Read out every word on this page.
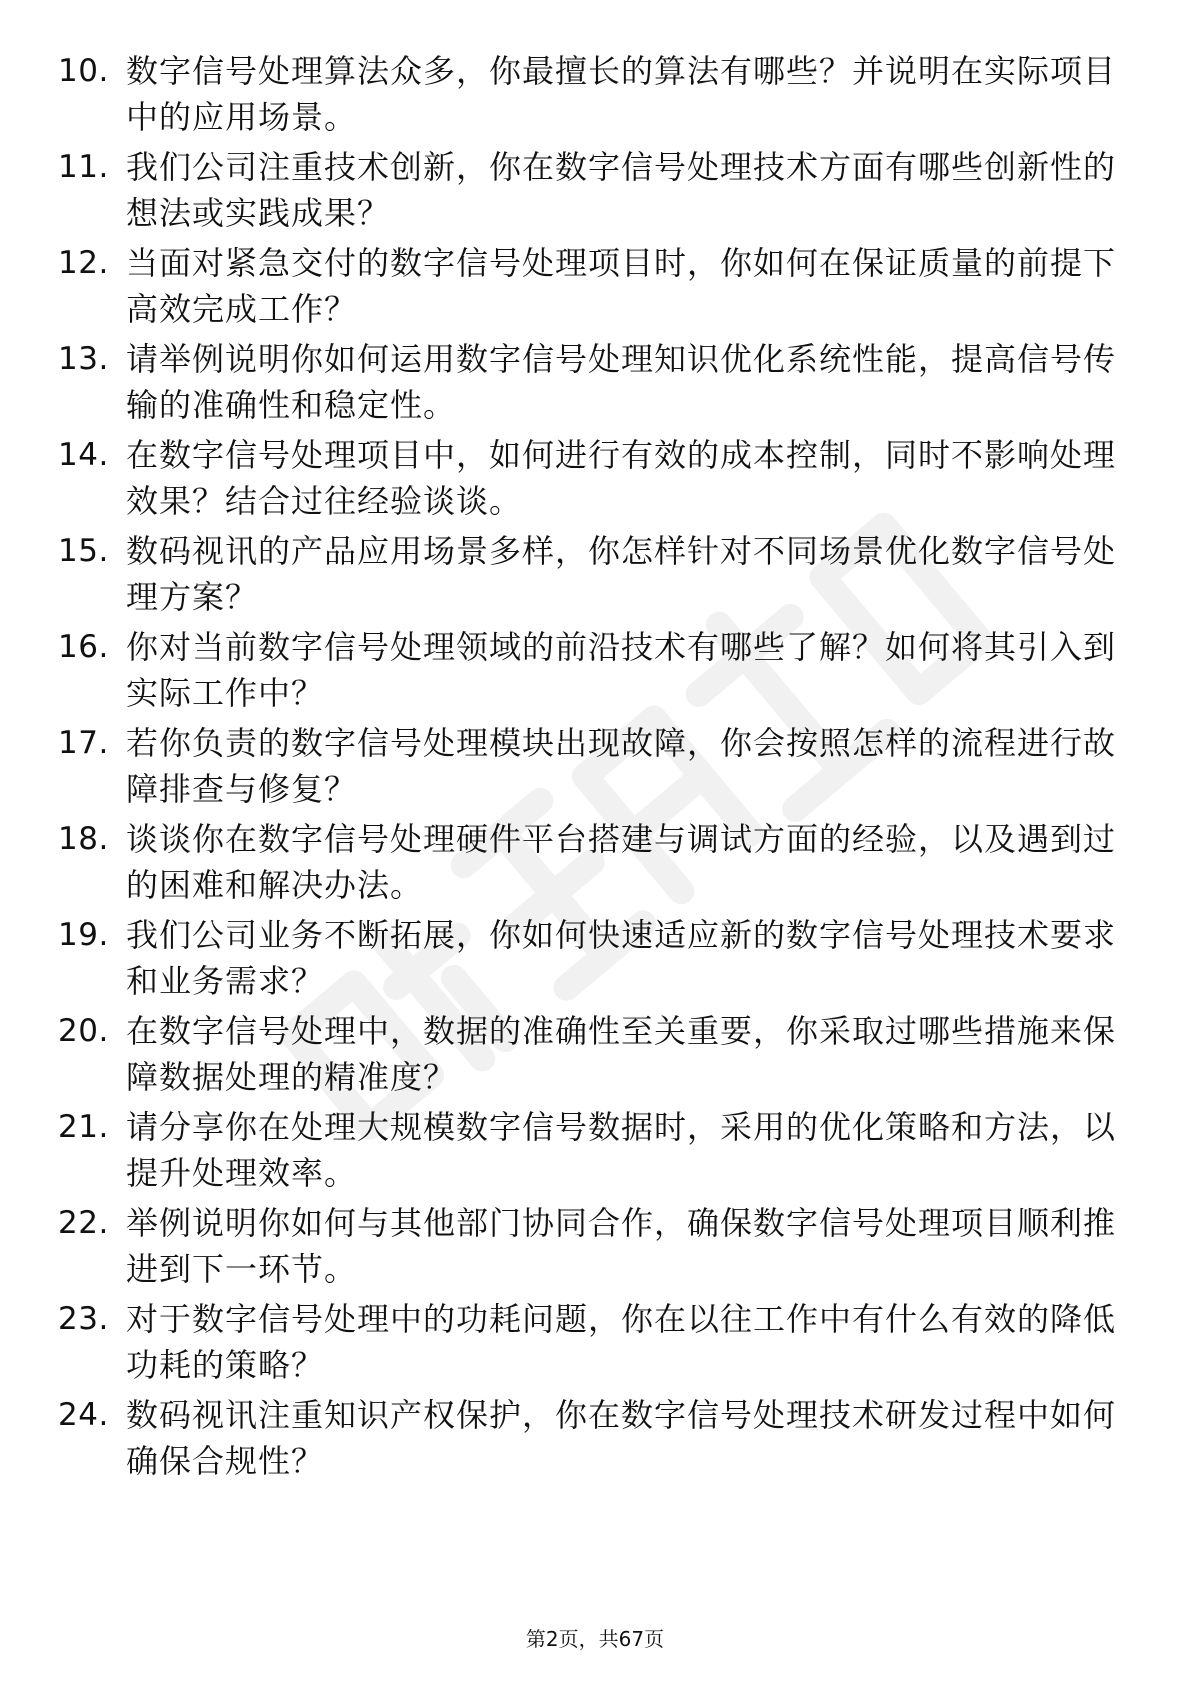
10. 数字信号处理算法众多，你最擅长的算法有哪些？并说明在实际项目中的应用场景。
11. 我们公司注重技术创新，你在数字信号处理技术方面有哪些创新性的想法或实践成果？
12. 当面对紧急交付的数字信号处理项目时，你如何在保证质量的前提下高效完成工作？
13. 请举例说明你如何运用数字信号处理知识优化系统性能，提高信号传输的准确性和稳定性。
14. 在数字信号处理项目中，如何进行有效的成本控制，同时不影响处理效果？结合过往经验谈谈。
15. 数码视讯的产品应用场景多样，你怎样针对不同场景优化数字信号处理方案？
16. 你对当前数字信号处理领域的前沿技术有哪些了解？如何将其引入到实际工作中？
17. 若你负责的数字信号处理模块出现故障，你会按照怎样的流程进行故障排查与修复？
18. 谈谈你在数字信号处理硬件平台搭建与调试方面的经验，以及遇到过的困难和解决办法。
19. 我们公司业务不断拓展，你如何快速适应新的数字信号处理技术要求和业务需求？
20. 在数字信号处理中，数据的准确性至关重要，你采取过哪些措施来保障数据处理的精准度？
21. 请分享你在处理大规模数字信号数据时，采用的优化策略和方法，以提升处理效率。
22. 举例说明你如何与其他部门协同合作，确保数字信号处理项目顺利推进到下一环节。
23. 对于数字信号处理中的功耗问题，你在以往工作中有什么有效的降低功耗的策略？
24. 数码视讯注重知识产权保护，你在数字信号处理技术研发过程中如何确保合规性？
第2页，共67页
